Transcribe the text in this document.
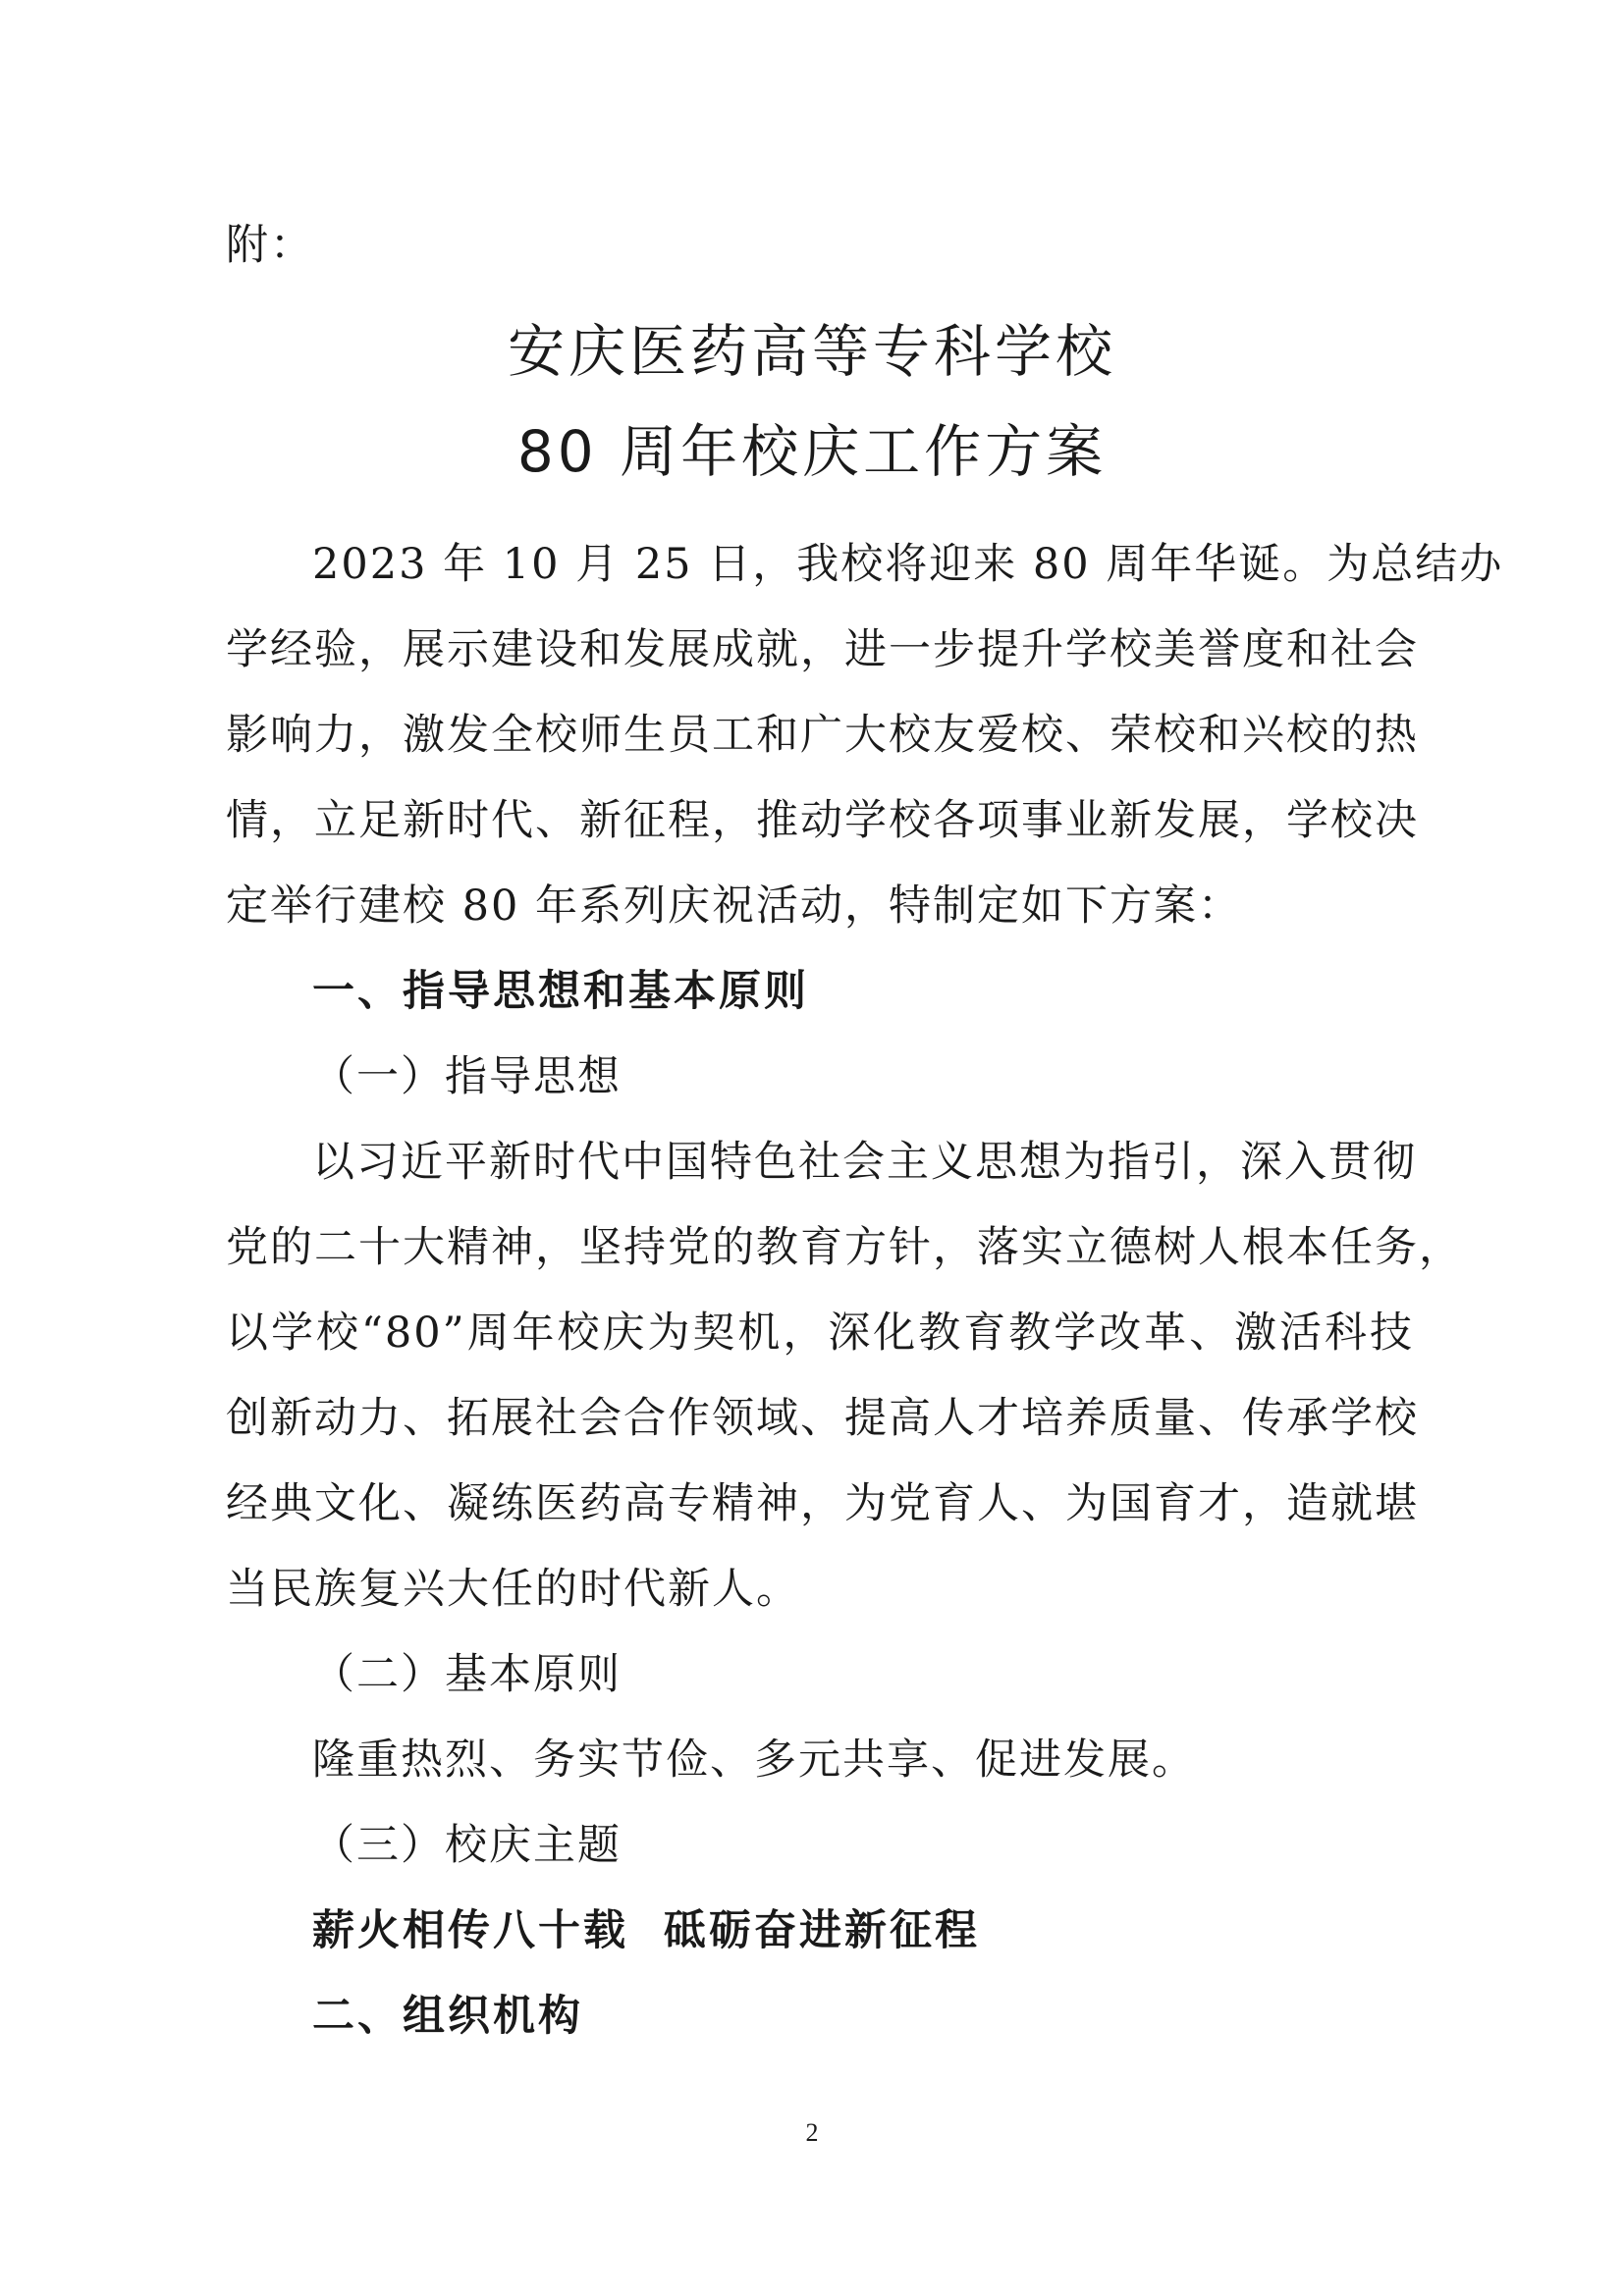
附：
安庆医药高等专科学校
80 周年校庆工作方案
2023 年 10 月 25 日，我校将迎来 80 周年华诞。为总结办
学经验，展示建设和发展成就，进一步提升学校美誉度和社会
影响力，激发全校师生员工和广大校友爱校、荣校和兴校的热
情，立足新时代、新征程，推动学校各项事业新发展，学校决
定举行建校 80 年系列庆祝活动，特制定如下方案：
一、指导思想和基本原则
（一）指导思想
以习近平新时代中国特色社会主义思想为指引，深入贯彻
党的二十大精神，坚持党的教育方针，落实立德树人根本任务，
以学校“80”周年校庆为契机，深化教育教学改革、激活科技
创新动力、拓展社会合作领域、提高人才培养质量、传承学校
经典文化、凝练医药高专精神，为党育人、为国育才，造就堪
当民族复兴大任的时代新人。
（二）基本原则
隆重热烈、务实节俭、多元共享、促进发展。
（三）校庆主题
薪火相传八十载  砥砺奋进新征程
二、组织机构
2
